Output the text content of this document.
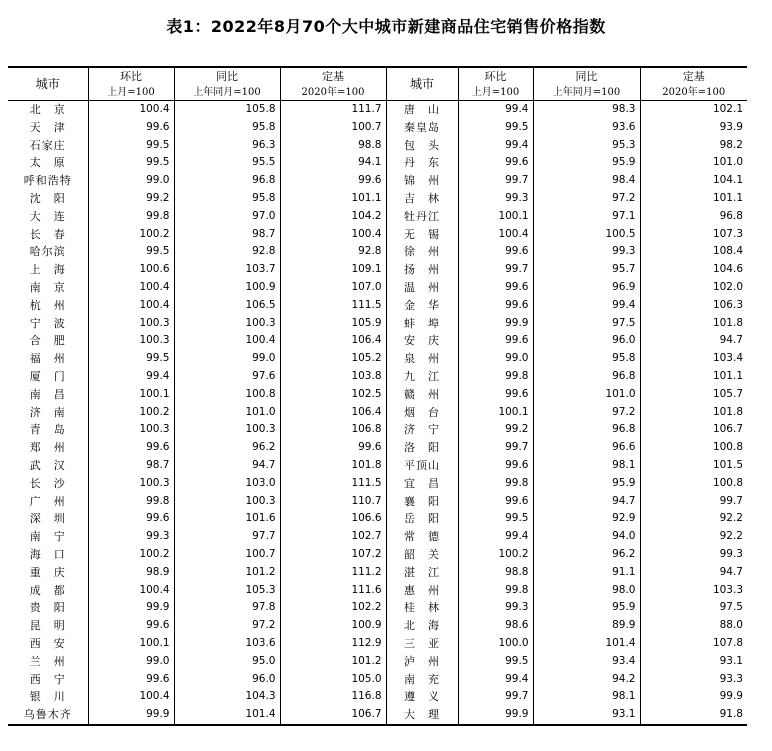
表1：2022年8月70个大中城市新建商品住宅销售价格指数
城市	环比	同比	定基	城市	环比	同比	定基
	上月=100	上年同月=100	2020年=100		上月=100	上年同月=100	2020年=100
北　京	100.4	105.8	111.7	唐　山	99.4	98.3	102.1
天　津	99.6	95.8	100.7	秦皇岛	99.5	93.6	93.9
石家庄	99.5	96.3	98.8	包　头	99.4	95.3	98.2
太　原	99.5	95.5	94.1	丹　东	99.6	95.9	101.0
呼和浩特	99.0	96.8	99.6	锦　州	99.7	98.4	104.1
沈　阳	99.2	95.8	101.1	吉　林	99.3	97.2	101.1
大　连	99.8	97.0	104.2	牡丹江	100.1	97.1	96.8
长　春	100.2	98.7	100.4	无　锡	100.4	100.5	107.3
哈尔滨	99.5	92.8	92.8	徐　州	99.6	99.3	108.4
上　海	100.6	103.7	109.1	扬　州	99.7	95.7	104.6
南　京	100.4	100.9	107.0	温　州	99.6	96.9	102.0
杭　州	100.4	106.5	111.5	金　华	99.6	99.4	106.3
宁　波	100.3	100.3	105.9	蚌　埠	99.9	97.5	101.8
合　肥	100.3	100.4	106.4	安　庆	99.6	96.0	94.7
福　州	99.5	99.0	105.2	泉　州	99.0	95.8	103.4
厦　门	99.4	97.6	103.8	九　江	99.8	96.8	101.1
南　昌	100.1	100.8	102.5	赣　州	99.6	101.0	105.7
济　南	100.2	101.0	106.4	烟　台	100.1	97.2	101.8
青　岛	100.3	100.3	106.8	济　宁	99.2	96.8	106.7
郑　州	99.6	96.2	99.6	洛　阳	99.7	96.6	100.8
武　汉	98.7	94.7	101.8	平顶山	99.6	98.1	101.5
长　沙	100.3	103.0	111.5	宜　昌	99.8	95.9	100.8
广　州	99.8	100.3	110.7	襄　阳	99.6	94.7	99.7
深　圳	99.6	101.6	106.6	岳　阳	99.5	92.9	92.2
南　宁	99.3	97.7	102.7	常　德	99.4	94.0	92.2
海　口	100.2	100.7	107.2	韶　关	100.2	96.2	99.3
重　庆	98.9	101.2	111.2	湛　江	98.8	91.1	94.7
成　都	100.4	105.3	111.6	惠　州	99.8	98.0	103.3
贵　阳	99.9	97.8	102.2	桂　林	99.3	95.9	97.5
昆　明	99.6	97.2	100.9	北　海	98.6	89.9	88.0
西　安	100.1	103.6	112.9	三　亚	100.0	101.4	107.8
兰　州	99.0	95.0	101.2	泸　州	99.5	93.4	93.1
西　宁	99.6	96.0	105.0	南　充	99.4	94.2	93.3
银　川	100.4	104.3	116.8	遵　义	99.7	98.1	99.9
乌鲁木齐	99.9	101.4	106.7	大　理	99.9	93.1	91.8
